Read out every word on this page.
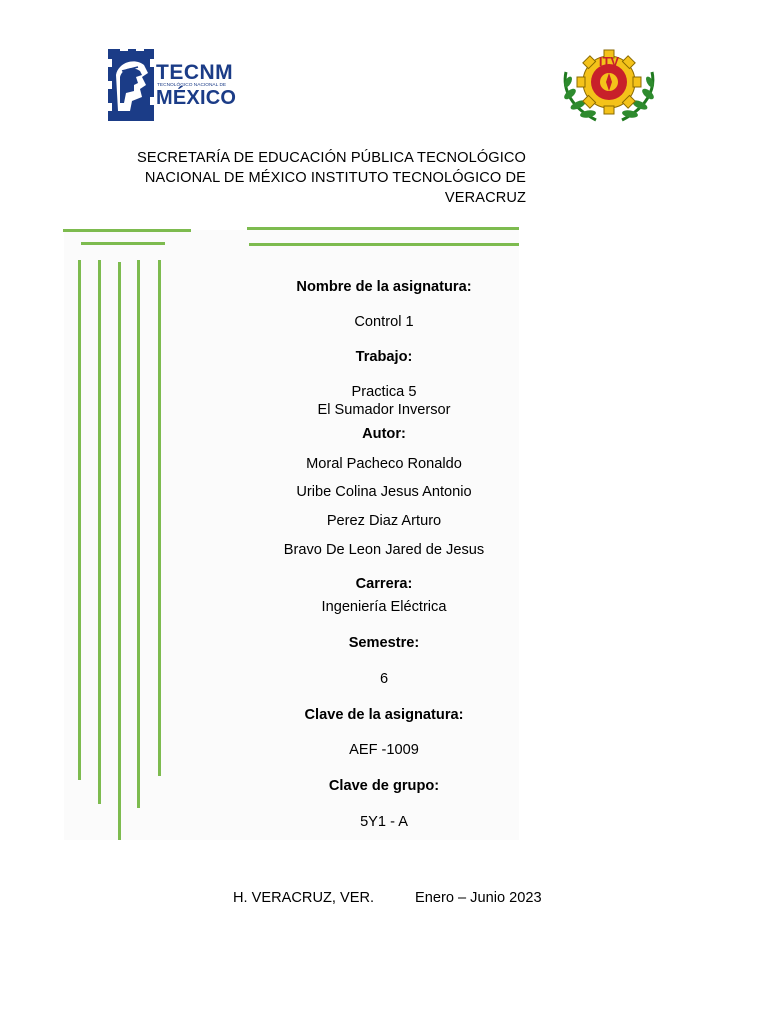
TECNM
TECNOLÓGICO NACIONAL DE
MÉXICO
ITV
SECRETARÍA DE EDUCACIÓN PÚBLICA TECNOLÓGICO
NACIONAL DE MÉXICO INSTITUTO TECNOLÓGICO DE
VERACRUZ
Nombre de la asignatura:
Control 1
Trabajo:
Practica 5
El Sumador Inversor
Autor:
Moral Pacheco Ronaldo
Uribe Colina Jesus Antonio
Perez Diaz Arturo
Bravo De Leon Jared de Jesus
Carrera:
Ingeniería Eléctrica
Semestre:
6
Clave de la asignatura:
AEF -1009
Clave de grupo:
5Y1 - A
H. VERACRUZ, VER.	Enero – Junio 2023
